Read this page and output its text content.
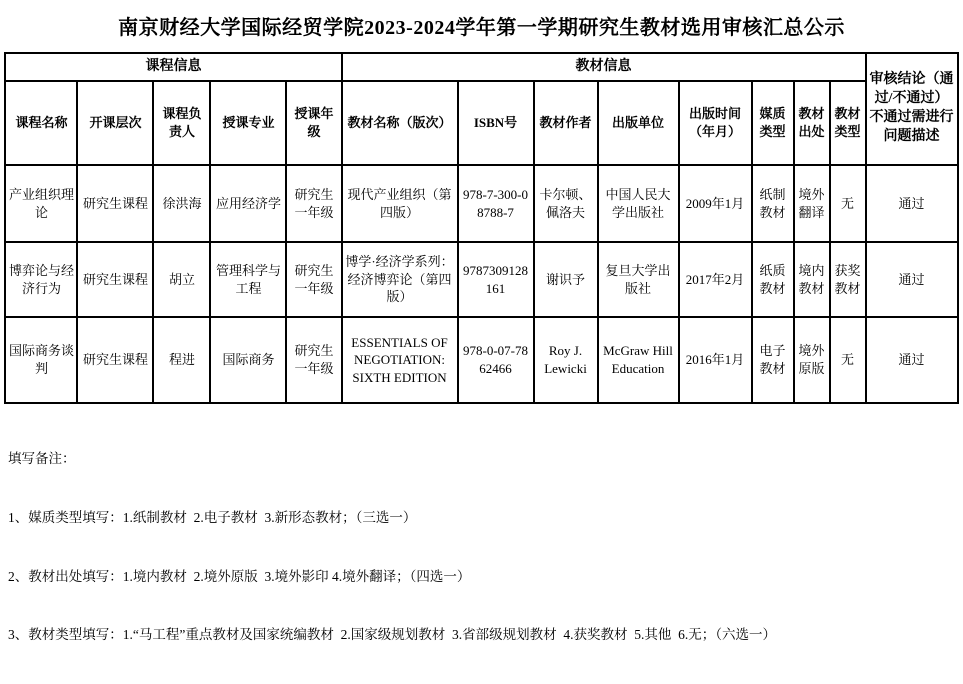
南京财经大学国际经贸学院2023-2024学年第一学期研究生教材选用审核汇总公示
课程信息					教材信息								审核结论（通过/不通过）不通过需进行问题描述
课程名称	开课层次	课程负责人	授课专业	授课年级	教材名称（版次）	ISBN号	教材作者	出版单位	出版时间（年月）	媒质类型	教材出处	教材类型	
产业组织理论	研究生课程	徐洪海	应用经济学	研究生一年级	现代产业组织（第四版）	978-7-300-08788-7	卡尔顿、佩洛夫	中国人民大学出版社	2009年1月	纸制教材	境外翻译	无	通过
博弈论与经济行为	研究生课程	胡立	管理科学与工程	研究生一年级	博学·经济学系列：经济博弈论（第四版）	9787309128161	谢识予	复旦大学出版社	2017年2月	纸质教材	境内教材	获奖教材	通过
国际商务谈判	研究生课程	程进	国际商务	研究生一年级	ESSENTIALS OF NEGOTIATION: SIXTH EDITION	978-0-07-7862466	Roy J. Lewicki	McGraw Hill Education	2016年1月	电子教材	境外原版	无	通过

填写备注：

1、媒质类型填写：1.纸制教材  2.电子教材  3.新形态教材；（三选一）

2、教材出处填写：1.境内教材  2.境外原版  3.境外影印 4.境外翻译；（四选一）

3、教材类型填写：1.“马工程”重点教材及国家统编教材  2.国家级规划教材  3.省部级规划教材  4.获奖教材  5.其他  6.无；（六选一）
